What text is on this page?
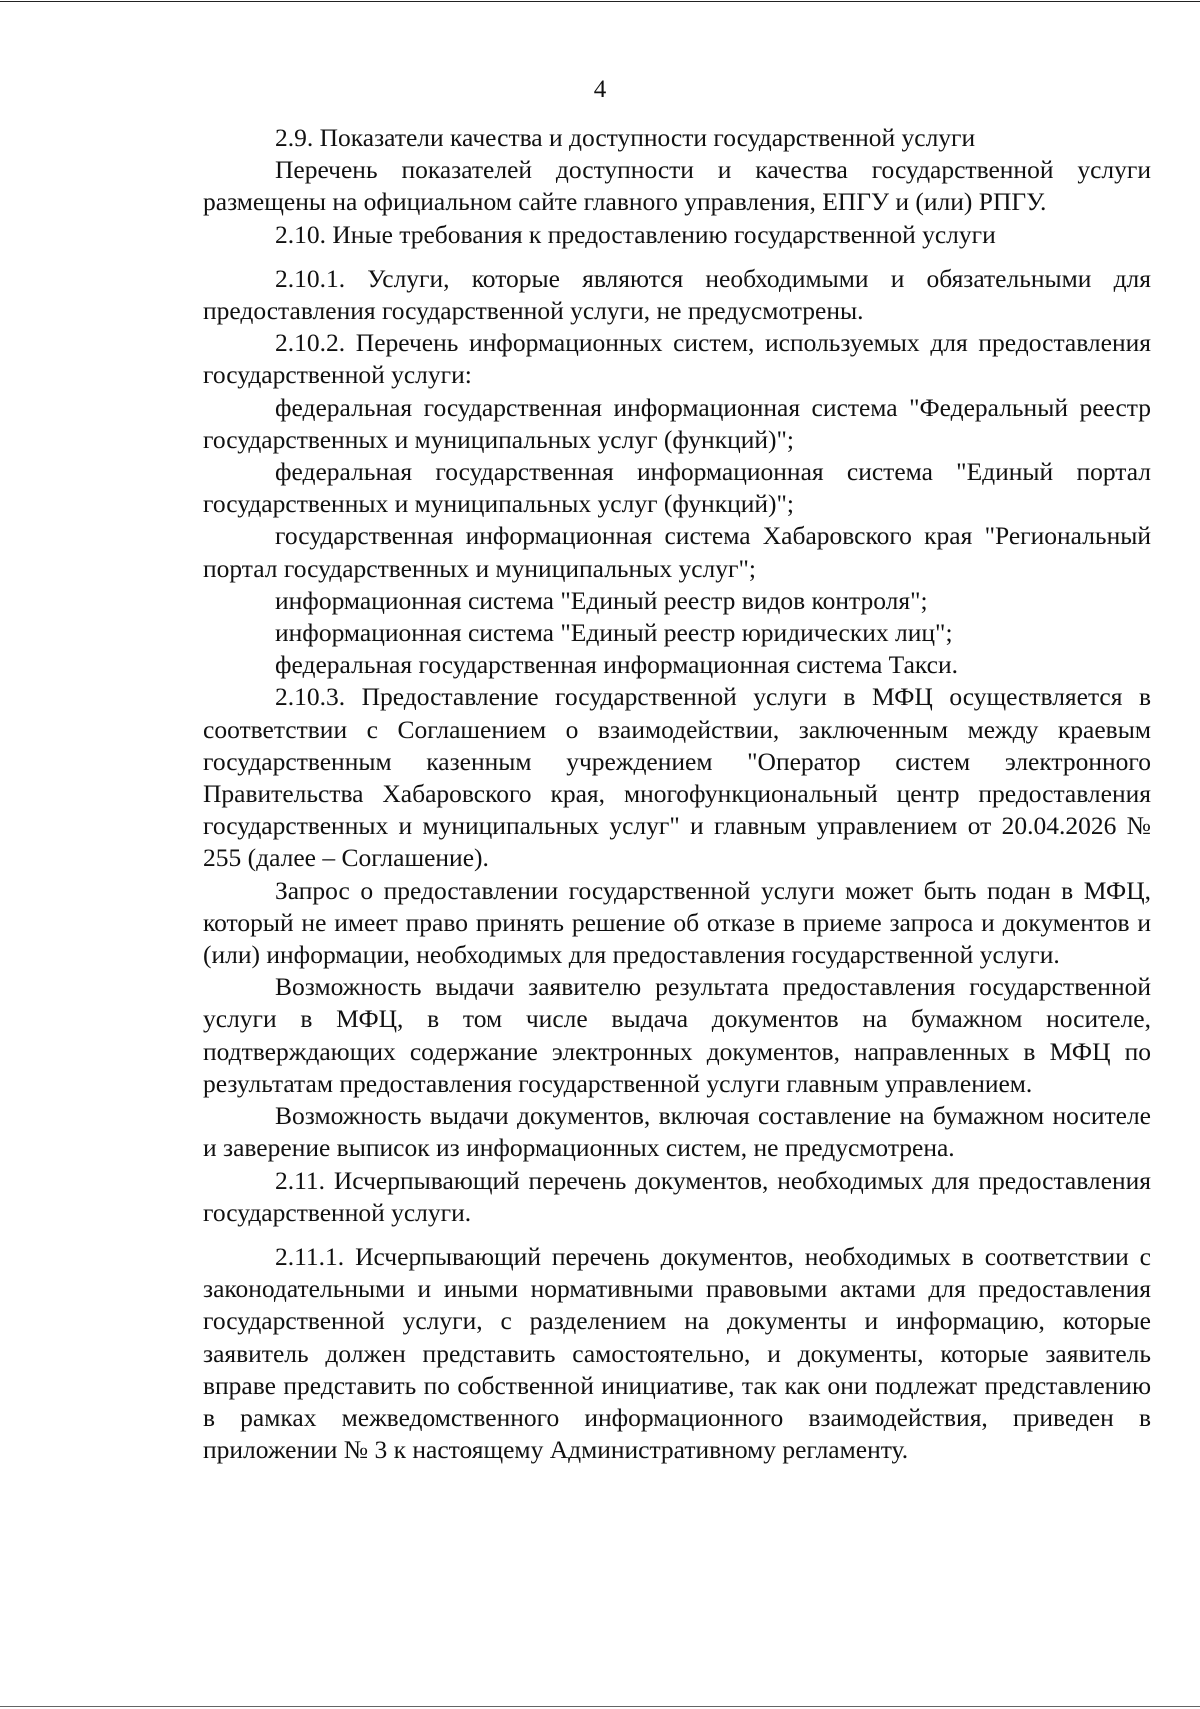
4

2.9. Показатели качества и доступности государственной услуги

Перечень показателей доступности и качества государственной услуги размещены на официальном сайте главного управления, ЕПГУ и (или) РПГУ.

2.10. Иные требования к предоставлению государственной услуги

2.10.1. Услуги, которые являются необходимыми и обязательными для предоставления государственной услуги, не предусмотрены.

2.10.2. Перечень информационных систем, используемых для предоставления государственной услуги:

федеральная государственная информационная система "Федеральный реестр государственных и муниципальных услуг (функций)";

федеральная государственная информационная система "Единый портал государственных и муниципальных услуг (функций)";

государственная информационная система Хабаровского края "Региональный портал государственных и муниципальных услуг";

информационная система "Единый реестр видов контроля";

информационная система "Единый реестр юридических лиц";

федеральная государственная информационная система Такси.

2.10.3. Предоставление государственной услуги в МФЦ осуществляется в соответствии с Соглашением о взаимодействии, заключенным между краевым государственным казенным учреждением "Оператор систем электронного Правительства Хабаровского края, многофункциональный центр предоставления государственных и муниципальных услуг" и главным управлением от 20.04.2026 № 255 (далее – Соглашение).

Запрос о предоставлении государственной услуги может быть подан в МФЦ, который не имеет право принять решение об отказе в приеме запроса и документов и (или) информации, необходимых для предоставления государственной услуги.

Возможность выдачи заявителю результата предоставления государственной услуги в МФЦ, в том числе выдача документов на бумажном носителе, подтверждающих содержание электронных документов, направленных в МФЦ по результатам предоставления государственной услуги главным управлением.

Возможность выдачи документов, включая составление на бумажном носителе и заверение выписок из информационных систем, не предусмотрена.

2.11. Исчерпывающий перечень документов, необходимых для предоставления государственной услуги.

2.11.1. Исчерпывающий перечень документов, необходимых в соответствии с законодательными и иными нормативными правовыми актами для предоставления государственной услуги, с разделением на документы и информацию, которые заявитель должен представить самостоятельно, и документы, которые заявитель вправе представить по собственной инициативе, так как они подлежат представлению в рамках межведомственного информационного взаимодействия, приведен в приложении № 3 к настоящему Административному регламенту.
